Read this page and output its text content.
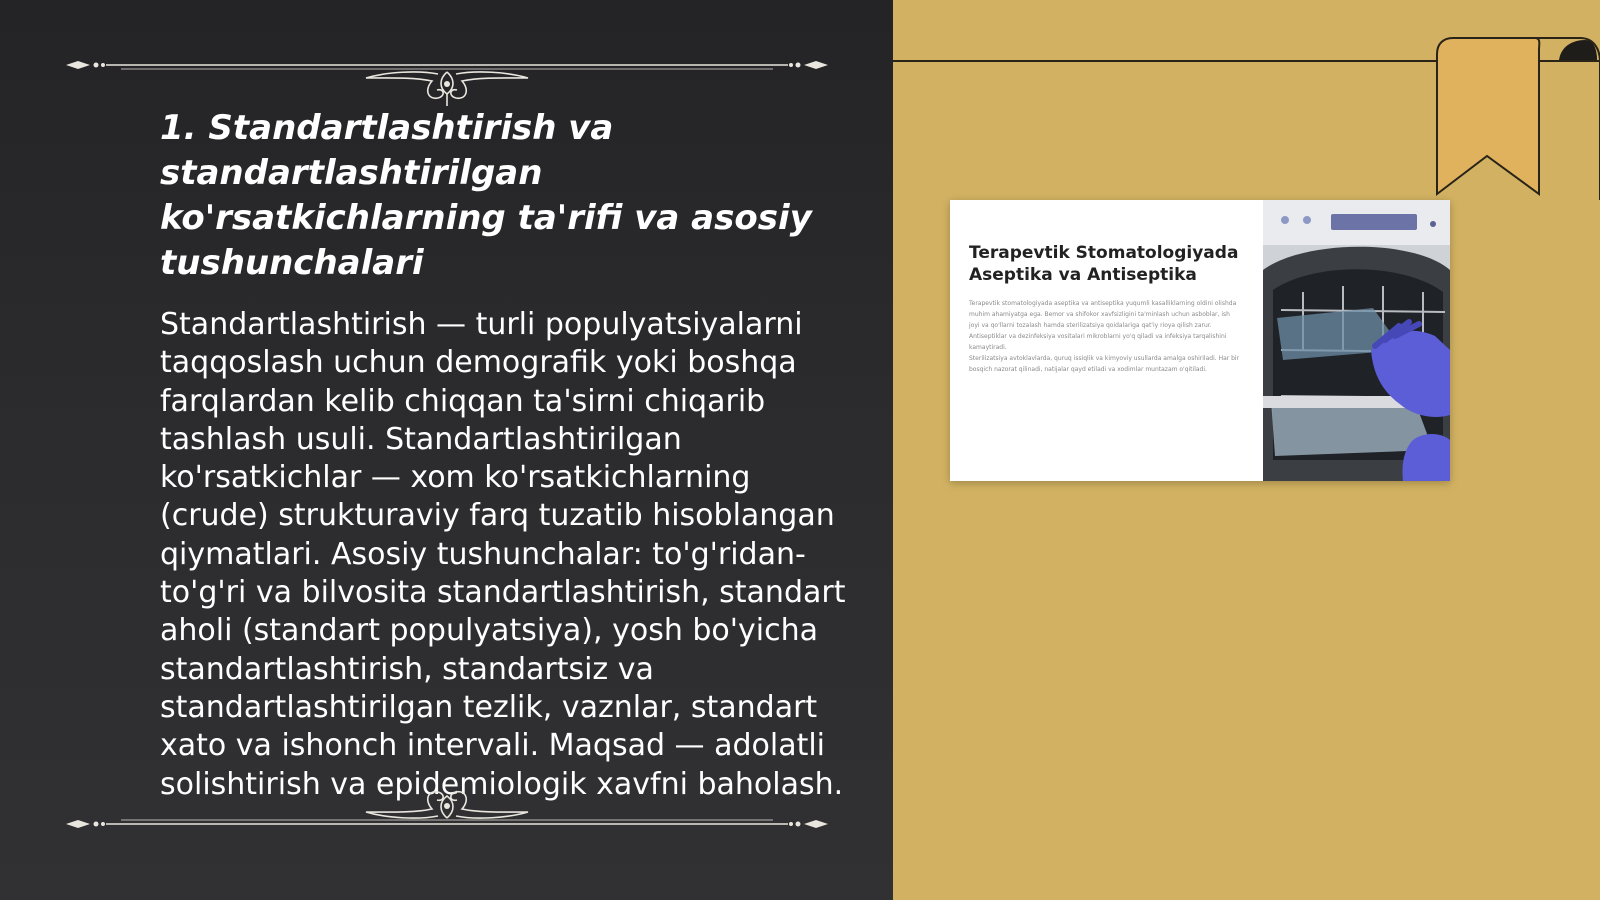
1. Standartlashtirish va standartlashtirilgan ko'rsatkichlarning ta'rifi va asosiy tushunchalari

Standartlashtirish — turli populyatsiyalarni taqqoslash uchun demografik yoki boshqa farqlardan kelib chiqqan ta'sirni chiqarib tashlash usuli. Standartlashtirilgan ko'rsatkichlar — xom ko'rsatkichlarning (crude) strukturaviy farq tuzatib hisoblangan qiymatlari. Asosiy tushunchalar: to'g'ridan-to'g'ri va bilvosita standartlashtirish, standart aholi (standart populyatsiya), yosh bo'yicha standartlashtirish, standartsiz va standartlashtirilgan tezlik, vaznlar, standart xato va ishonch intervali. Maqsad — adolatli solishtirish va epidemiologik xavfni baholash.

Terapevtik Stomatologiyada Aseptika va Antiseptika

Terapevtik stomatologiyada aseptika va antiseptika yuqumli kasalliklarning oldini olishda muhim ahamiyatga ega. Bemor va shifokor xavfsizligini ta'minlash uchun asboblar, ish joyi va qo'llarni tozalash hamda sterilizatsiya qoidalariga qat'iy rioya qilish zarur. Antiseptiklar va dezinfeksiya vositalari mikroblarni yo'q qiladi va infeksiya tarqalishini kamaytiradi.

Sterilizatsiya avtoklavlarda, quruq issiqlik va kimyoviy usullarda amalga oshiriladi. Har bir bosqich nazorat qilinadi, natijalar qayd etiladi va xodimlar muntazam o'qitiladi.
